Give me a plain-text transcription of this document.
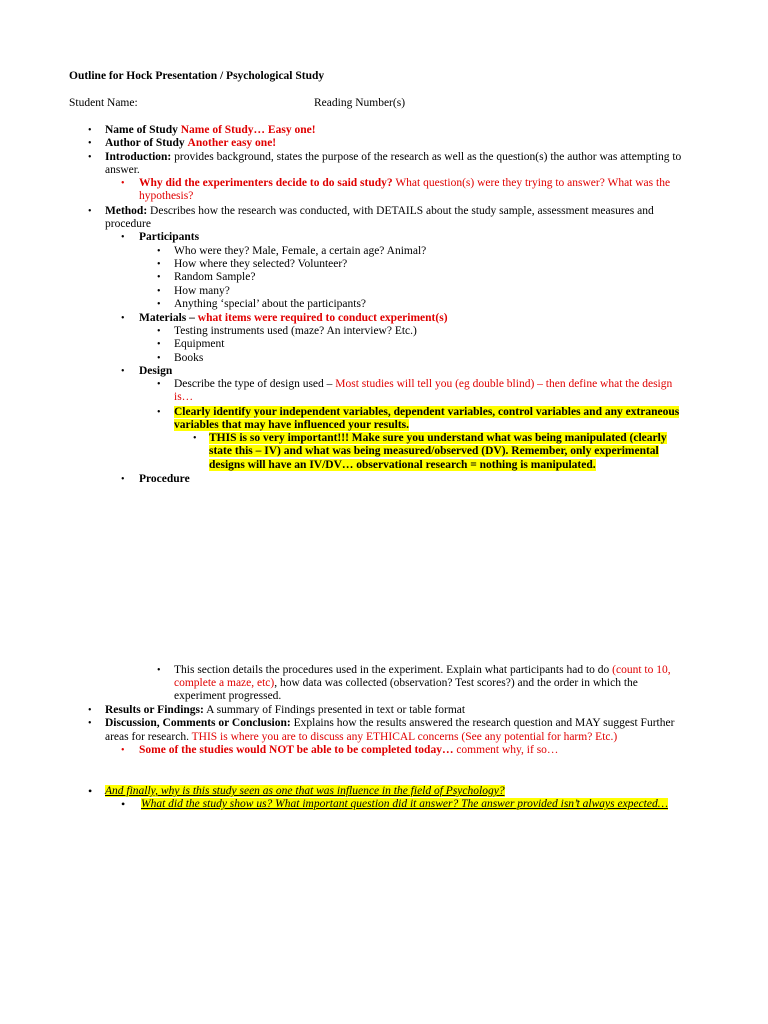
Outline for Hock Presentation / Psychological Study
Student Name:	Reading Number(s)
• Name of Study Name of Study… Easy one!
• Author of Study Another easy one!
• Introduction: provides background, states the purpose of the research as well as the question(s) the author was attempting to
answer.
• Why did the experimenters decide to do said study? What question(s) were they trying to answer? What was the
hypothesis?
• Method: Describes how the research was conducted, with DETAILS about the study sample, assessment measures and
procedure
• Participants
• Who were they? Male, Female, a certain age? Animal?
• How where they selected? Volunteer?
• Random Sample?
• How many?
• Anything ‘special’ about the participants?
• Materials – what items were required to conduct experiment(s)
• Testing instruments used (maze? An interview? Etc.)
• Equipment
• Books
• Design
• Describe the type of design used – Most studies will tell you (eg double blind) – then define what the design
is…
• Clearly identify your independent variables, dependent variables, control variables and any extraneous
variables that may have influenced your results.
• THIS is so very important!!! Make sure you understand what was being manipulated (clearly
state this – IV) and what was being measured/observed (DV). Remember, only experimental
designs will have an IV/DV… observational research = nothing is manipulated.
• Procedure
• This section details the procedures used in the experiment. Explain what participants had to do (count to 10,
complete a maze, etc), how data was collected (observation? Test scores?) and the order in which the
experiment progressed.
• Results or Findings: A summary of Findings presented in text or table format
• Discussion, Comments or Conclusion: Explains how the results answered the research question and MAY suggest Further
areas for research. THIS is where you are to discuss any ETHICAL concerns (See any potential for harm? Etc.)
• Some of the studies would NOT be able to be completed today… comment why, if so…
• And finally, why is this study seen as one that was influence in the field of Psychology?
• What did the study show us? What important question did it answer? The answer provided isn’t always expected…
